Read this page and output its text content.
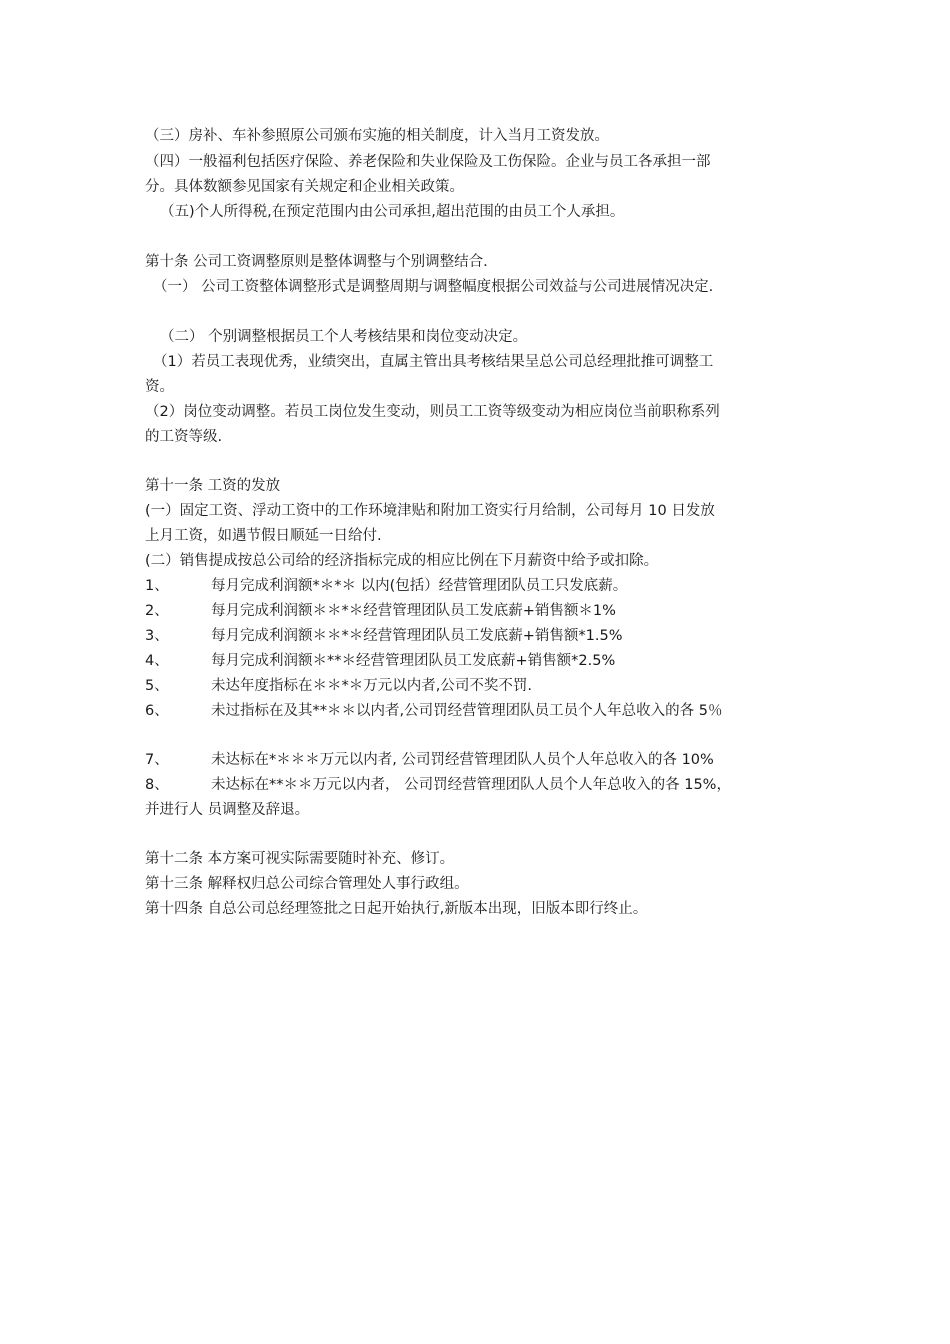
（三）房补、车补参照原公司颁布实施的相关制度，计入当月工资发放。
（四）一般福利包括医疗保险、养老保险和失业保险及工伤保险。企业与员工各承担一部
分。具体数额参见国家有关规定和企业相关政策。
（五)个人所得税,在预定范围内由公司承担,超出范围的由员工个人承担。
第十条 公司工资调整原则是整体调整与个别调整结合.
（一） 公司工资整体调整形式是调整周期与调整幅度根据公司效益与公司进展情况决定.
（二） 个别调整根据员工个人考核结果和岗位变动决定。
（1）若员工表现优秀，业绩突出，直属主管出具考核结果呈总公司总经理批推可调整工
资。
（2）岗位变动调整。若员工岗位发生变动，则员工工资等级变动为相应岗位当前职称系列
的工资等级.
第十一条 工资的发放
(一）固定工资、浮动工资中的工作环境津贴和附加工资实行月给制，公司每月 10 日发放
上月工资，如遇节假日顺延一日给付.
(二）销售提成按总公司给的经济指标完成的相应比例在下月薪资中给予或扣除。
1、	每月完成利润额*＊*＊ 以内(包括）经营管理团队员工只发底薪。
2、	每月完成利润额＊＊*＊经营管理团队员工发底薪+销售额＊1%
3、	每月完成利润额＊＊*＊经营管理团队员工发底薪+销售额*1.5%
4、	每月完成利润额＊**＊经营管理团队员工发底薪+销售额*2.5%
5、	未达年度指标在＊＊*＊万元以内者,公司不奖不罚.
6、	未过指标在及其**＊＊以内者,公司罚经营管理团队员工员个人年总收入的各 5％
7、	未达标在*＊＊＊万元以内者, 公司罚经营管理团队人员个人年总收入的各 10%
8、	未达标在**＊＊万元以内者， 公司罚经营管理团队人员个人年总收入的各 15%，
并进行人 员调整及辞退。
第十二条 本方案可视实际需要随时补充、修订。
第十三条 解释权归总公司综合管理处人事行政组。
第十四条 自总公司总经理签批之日起开始执行,新版本出现，旧版本即行终止。
